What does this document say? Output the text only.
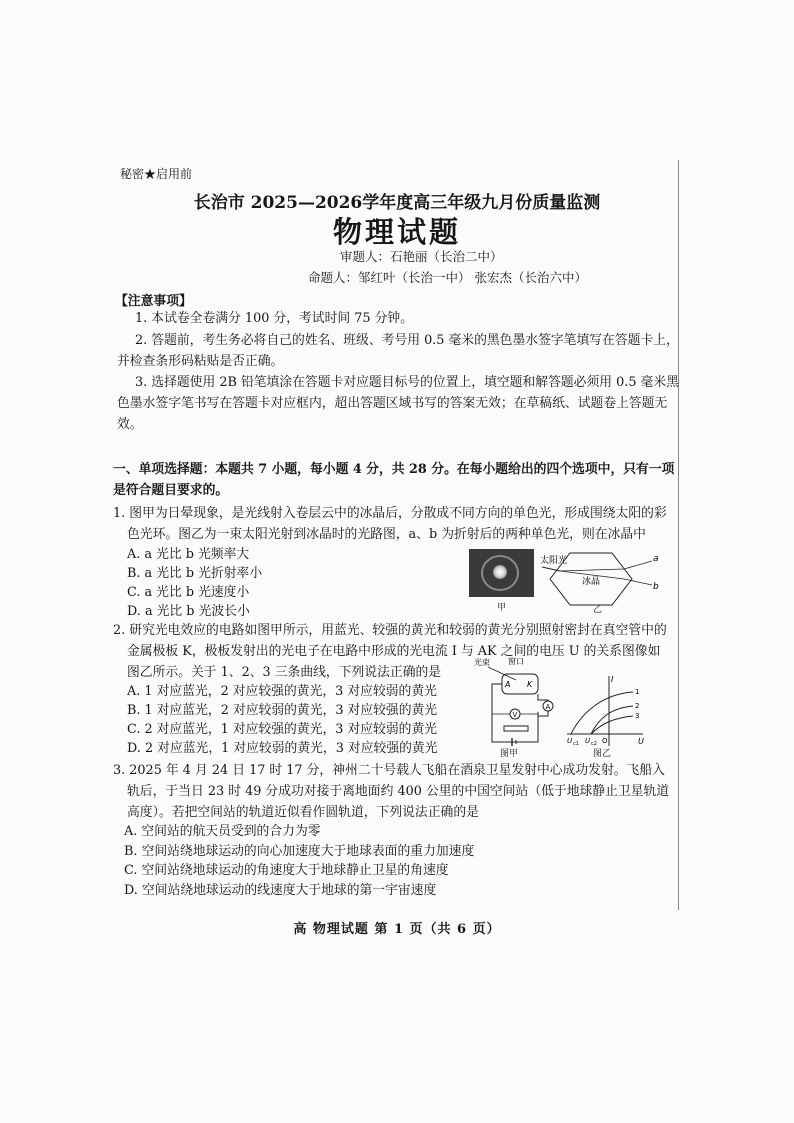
秘密★启用前
长治市 2025—2026学年度高三年级九月份质量监测
物理试题
审题人：石艳丽（长治二中）
命题人：邹红叶（长治一中） 张宏杰（长治六中）
【注意事项】
1. 本试卷全卷满分 100 分，考试时间 75 分钟。
2. 答题前，考生务必将自己的姓名、班级、考号用 0.5 毫米的黑色墨水签字笔填写在答题卡上，并检查条形码粘贴是否正确。
3. 选择题使用 2B 铅笔填涂在答题卡对应题目标号的位置上，填空题和解答题必须用 0.5 毫米黑色墨水签字笔书写在答题卡对应框内，超出答题区域书写的答案无效；在草稿纸、试题卷上答题无效。
一、单项选择题：本题共 7 小题，每小题 4 分，共 28 分。在每小题给出的四个选项中，只有一项是符合题目要求的。
1. 图甲为日晕现象，是光线射入卷层云中的冰晶后，分散成不同方向的单色光，形成围绕太阳的彩色光环。图乙为一束太阳光射到冰晶时的光路图，a、b 为折射后的两种单色光，则在冰晶中
A. a 光比 b 光频率大
B. a 光比 b 光折射率小
C. a 光比 b 光速度小
D. a 光比 b 光波长小	甲
太阳光
冰晶
a
b
乙
2. 研究光电效应的电路如图甲所示，用蓝光、较强的黄光和较弱的黄光分别照射密封在真空管中的金属极板 K，极板发射出的光电子在电路中形成的光电流 I 与 AK 之间的电压 U 的关系图像如图乙所示。关于 1、2、3 三条曲线，下列说法正确的是
A. 1 对应蓝光，2 对应较强的黄光，3 对应较弱的黄光
B. 1 对应蓝光，2 对应较弱的黄光，3 对应较强的黄光
C. 2 对应蓝光，1 对应较强的黄光，3 对应较弱的黄光
D. 2 对应蓝光，1 对应较弱的黄光，3 对应较强的黄光
光束 窗口
A K
A
V
图甲
I
U
O
U c1 U c2
1
2
3
图乙
3. 2025 年 4 月 24 日 17 时 17 分，神州二十号载人飞船在酒泉卫星发射中心成功发射。飞船入轨后，于当日 23 时 49 分成功对接于离地面约 400 公里的中国空间站（低于地球静止卫星轨道高度）。若把空间站的轨道近似看作圆轨道，下列说法正确的是
A. 空间站的航天员受到的合力为零
B. 空间站绕地球运动的向心加速度大于地球表面的重力加速度
C. 空间站绕地球运动的角速度大于地球静止卫星的角速度
D. 空间站绕地球运动的线速度大于地球的第一宇宙速度
高 物理试题 第 1 页（共 6 页）
